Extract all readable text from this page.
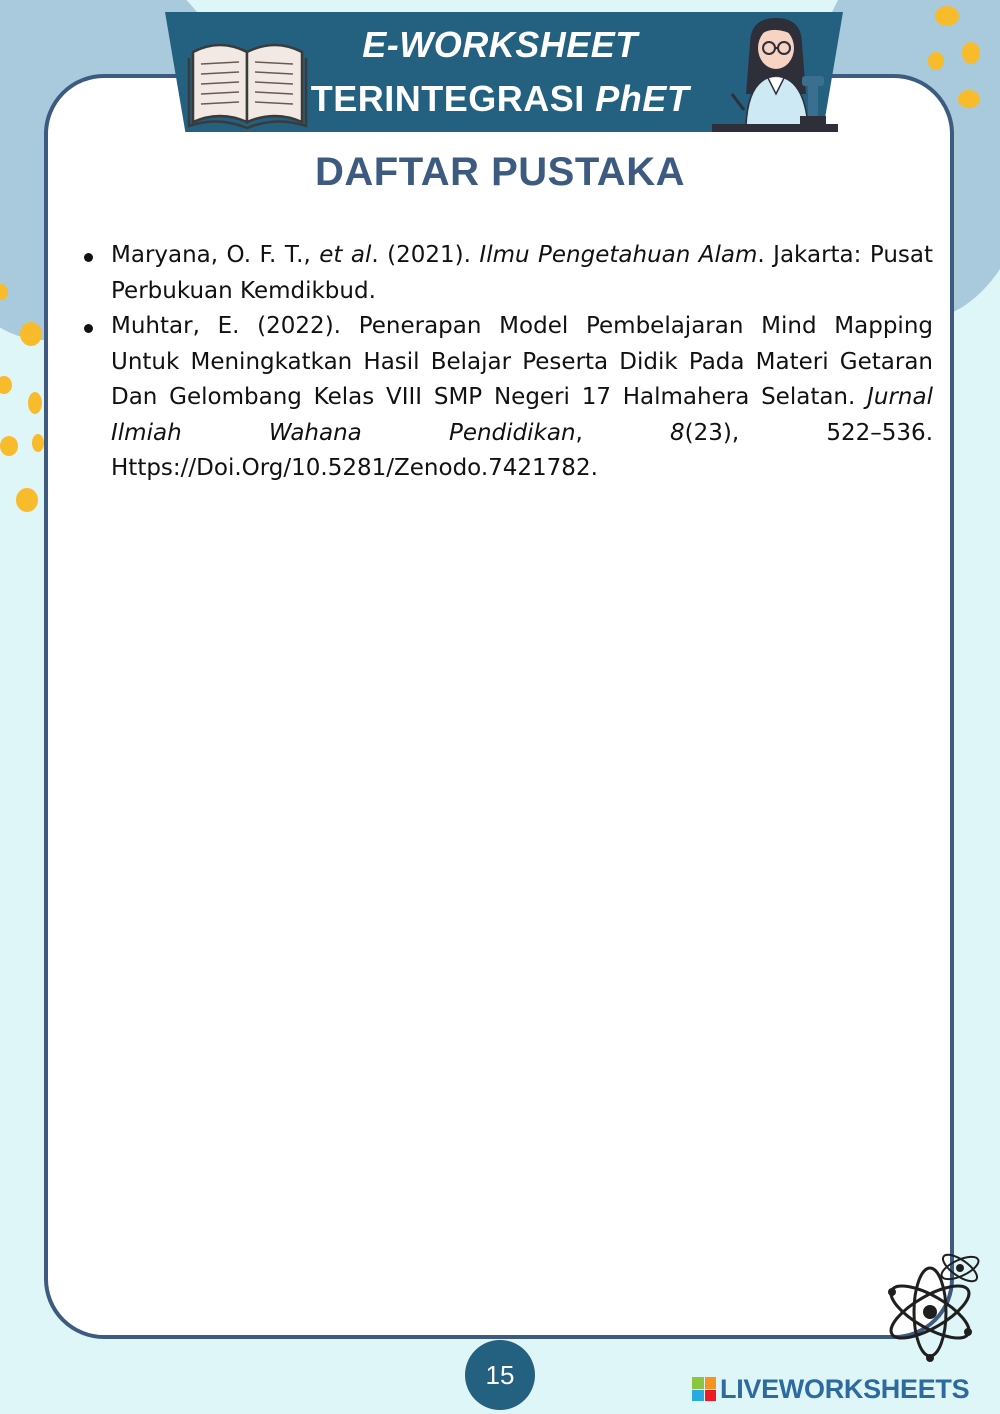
E-WORKSHEET
TERINTEGRASI PhET
DAFTAR PUSTAKA
Maryana, O. F. T., et al. (2021). Ilmu Pengetahuan Alam. Jakarta: Pusat Perbukuan Kemdikbud.
Muhtar, E. (2022). Penerapan Model Pembelajaran Mind Mapping Untuk Meningkatkan Hasil Belajar Peserta Didik Pada Materi Getaran Dan Gelombang Kelas VIII SMP Negeri 17 Halmahera Selatan. Jurnal Ilmiah Wahana Pendidikan, 8(23), 522–536. Https://Doi.Org/10.5281/Zenodo.7421782.
15	LIVEWORKSHEETS
